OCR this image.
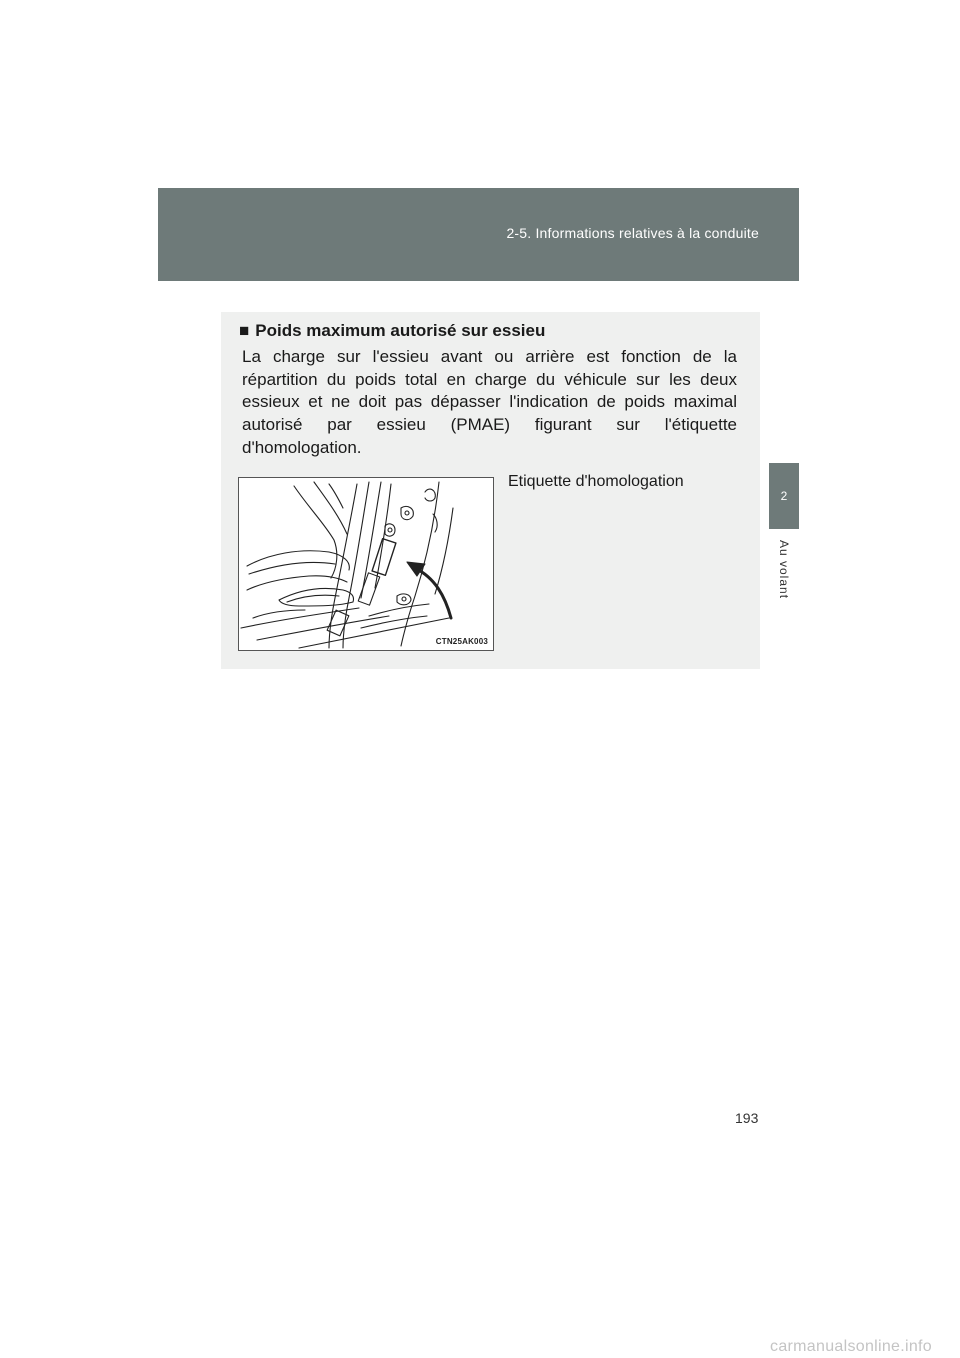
2-5. Informations relatives à la conduite
2
Au volant
■ Poids maximum autorisé sur essieu

La charge sur l'essieu avant ou arrière est fonction de la répartition du poids total en charge du véhicule sur les deux essieux et ne doit pas dépasser l'indication de poids maximal autorisé par essieu (PMAE) figurant sur l'étiquette d'homologation.

Etiquette d'homologation
CTN25AK003
193
carmanualsonline.info
